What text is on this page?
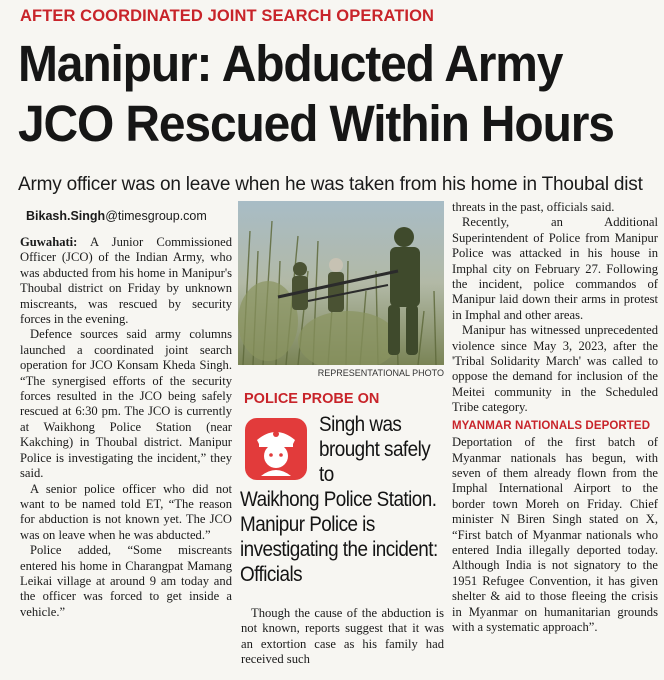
AFTER COORDINATED JOINT SEARCH OPERATION
Manipur: Abducted Army
JCO Rescued Within Hours
Army officer was on leave when he was taken from his home in Thoubal dist
Bikash.Singh@timesgroup.com

Guwahati: A Junior Commissioned Officer (JCO) of the Indian Army, who was abducted from his home in Manipur's Thoubal district on Friday by unknown miscreants, was rescued by security forces in the evening.

Defence sources said army columns launched a coordinated joint search operation for JCO Konsam Kheda Singh. “The synergised efforts of the security forces resulted in the JCO being safely rescued at 6:30 pm. The JCO is currently at Waikhong Police Station (near Kakching) in Thoubal district. Manipur Police is investigating the incident,” they said.

A senior police officer who did not want to be named told ET, “The reason for abduction is not known yet. The JCO was on leave when he was abducted.”

Police added, “Some miscreants entered his home in Charangpat Mamang Leikai village at around 9 am today and the officer was forced to get inside a vehicle.”

REPRESENTATIONAL PHOTO
POLICE PROBE ON
Singh was brought safely to
Waikhong Police Station. Manipur Police is investigating the incident: Officials

Though the cause of the abduction is not known, reports suggest that it was an extortion case as his family had received such

threats in the past, officials said.

Recently, an Additional Superintendent of Police from Manipur Police was attacked in his house in Imphal city on February 27. Following the incident, police commandos of Manipur laid down their arms in protest in Imphal and other areas.

Manipur has witnessed unprecedented violence since May 3, 2023, after the 'Tribal Solidarity March' was called to oppose the demand for inclusion of the Meitei community in the Scheduled Tribe category.

MYANMAR NATIONALS DEPORTED

Deportation of the first batch of Myanmar nationals has begun, with seven of them already flown from the Imphal International Airport to the border town Moreh on Friday. Chief minister N Biren Singh stated on X, “First batch of Myanmar nationals who entered India illegally deported today. Although India is not signatory to the 1951 Refugee Convention, it has given shelter & aid to those fleeing the crisis in Myanmar on humanitarian grounds with a systematic approach”.
